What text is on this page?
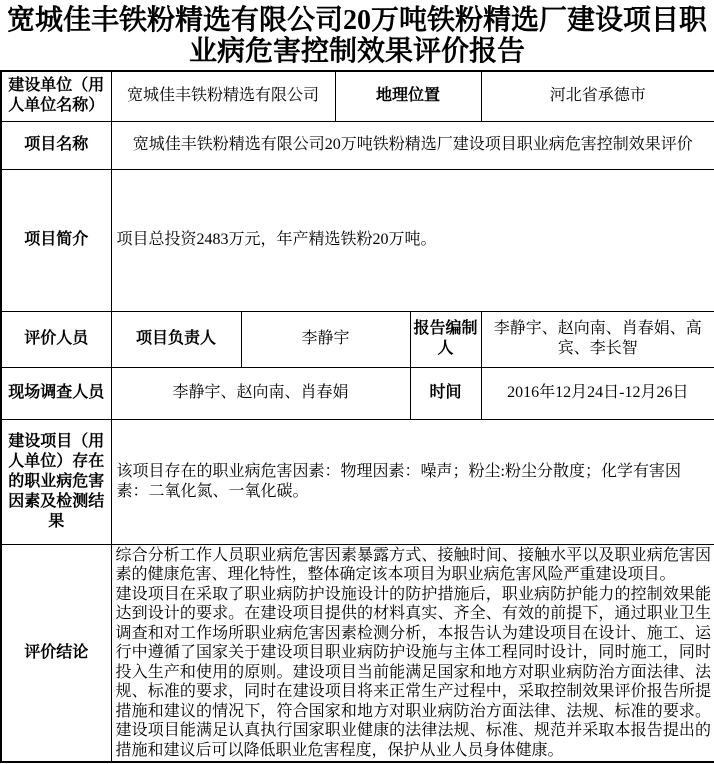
宽城佳丰铁粉精选有限公司20万吨铁粉精选厂建设项目职业病危害控制效果评价报告
建设单位（用人单位名称）	宽城佳丰铁粉精选有限公司		地理位置		河北省承德市
项目名称	宽城佳丰铁粉精选有限公司20万吨铁粉精选厂建设项目职业病危害控制效果评价				
项目简介	项目总投资2483万元，年产精选铁粉20万吨。				
评价人员	项目负责人	李静宇		报告编制人	李静宇、赵向南、肖春娟、高宾、李长智
现场调查人员	李静宇、赵向南、肖春娟			时间	2016年12月24日-12月26日
建设项目（用人单位）存在的职业病危害因素及检测结果	该项目存在的职业病危害因素：物理因素：噪声；粉尘:粉尘分散度；化学有害因素：二氧化氮、一氧化碳。				
评价结论	综合分析工作人员职业病危害因素暴露方式、接触时间、接触水平以及职业病危害因素的健康危害、理化特性，整体确定该本项目为职业病危害风险严重建设项目。

建设项目在采取了职业病防护设施设计的防护措施后，职业病防护能力的控制效果能达到设计的要求。在建设项目提供的材料真实、齐全、有效的前提下，通过职业卫生调查和对工作场所职业病危害因素检测分析，本报告认为建设项目在设计、施工、运行中遵循了国家关于建设项目职业病防护设施与主体工程同时设计，同时施工，同时投入生产和使用的原则。建设项目当前能满足国家和地方对职业病防治方面法律、法规、标准的要求，同时在建设项目将来正常生产过程中，采取控制效果评价报告所提措施和建议的情况下，符合国家和地方对职业病防治方面法律、法规、标准的要求。建设项目能满足认真执行国家职业健康的法律法规、标准、规范并采取本报告提出的措施和建议后可以降低职业危害程度，保护从业人员身体健康。				
